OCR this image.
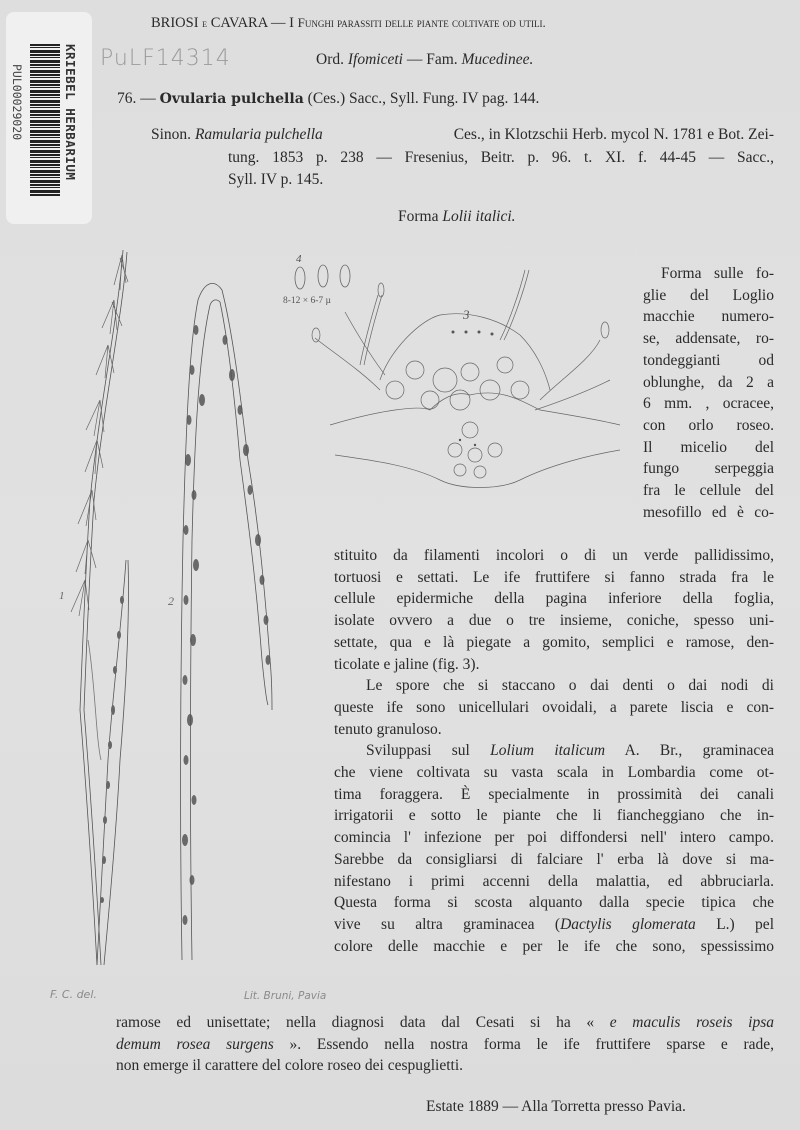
KRIEBEL HERBARIUM
PUL00029020
PuLF14314
BRIOSI e CAVARA — I Funghi parassiti delle piante coltivate od utili.
Ord. Ifomiceti — Fam. Mucedinee.
76. — Ovularia pulchella (Ces.) Sacc., Syll. Fung. IV pag. 144.
Sinon. Ramularia pulchella	Ces., in Klotzschii Herb. mycol N. 1781 e Bot. Zei-
tung. 1853 p. 238 — Fresenius, Beitr. p. 96. t. XI. f. 44-45 — Sacc.,
Syll. IV p. 145.
Forma Lolii italici.
4
8-12 × 6-7 µ
3
1	2
F. C. del.	Lit. Bruni, Pavia
Forma sulle fo-
glie del Loglio
macchie numero-
se, addensate, ro-
tondeggianti od
oblunghe, da 2 a
6 mm. , ocracee,
con orlo roseo.
Il micelio del
fungo serpeggia
fra le cellule del
mesofillo ed è co-
stituito da filamenti incolori o di un verde pallidissimo,
tortuosi e settati. Le ife fruttifere si fanno strada fra le
cellule epidermiche della pagina inferiore della foglia,
isolate ovvero a due o tre insieme, coniche, spesso uni-
settate, qua e là piegate a gomito, semplici e ramose, den-
ticolate e jaline (fig. 3).
Le spore che si staccano o dai denti o dai nodi di
queste ife sono unicellulari ovoidali, a parete liscia e con-
tenuto granuloso.
Sviluppasi sul Lolium italicum A. Br., graminacea
che viene coltivata su vasta scala in Lombardia come ot-
tima foraggera. È specialmente in prossimità dei canali
irrigatorii e sotto le piante che li fiancheggiano che in-
comincia l' infezione per poi diffondersi nell' intero campo.
Sarebbe da consigliarsi di falciare l' erba là dove si ma-
nifestano i primi accenni della malattia, ed abbruciarla.
Questa forma si scosta alquanto dalla specie tipica che
vive su altra graminacea (Dactylis glomerata L.) pel
colore delle macchie e per le ife che sono, spessissimo
ramose ed unisettate; nella diagnosi data dal Cesati si ha « e maculis roseis ipsa
demum rosea surgens ». Essendo nella nostra forma le ife fruttifere sparse e rade,
non emerge il carattere del colore roseo dei cespuglietti.
Estate 1889 — Alla Torretta presso Pavia.
